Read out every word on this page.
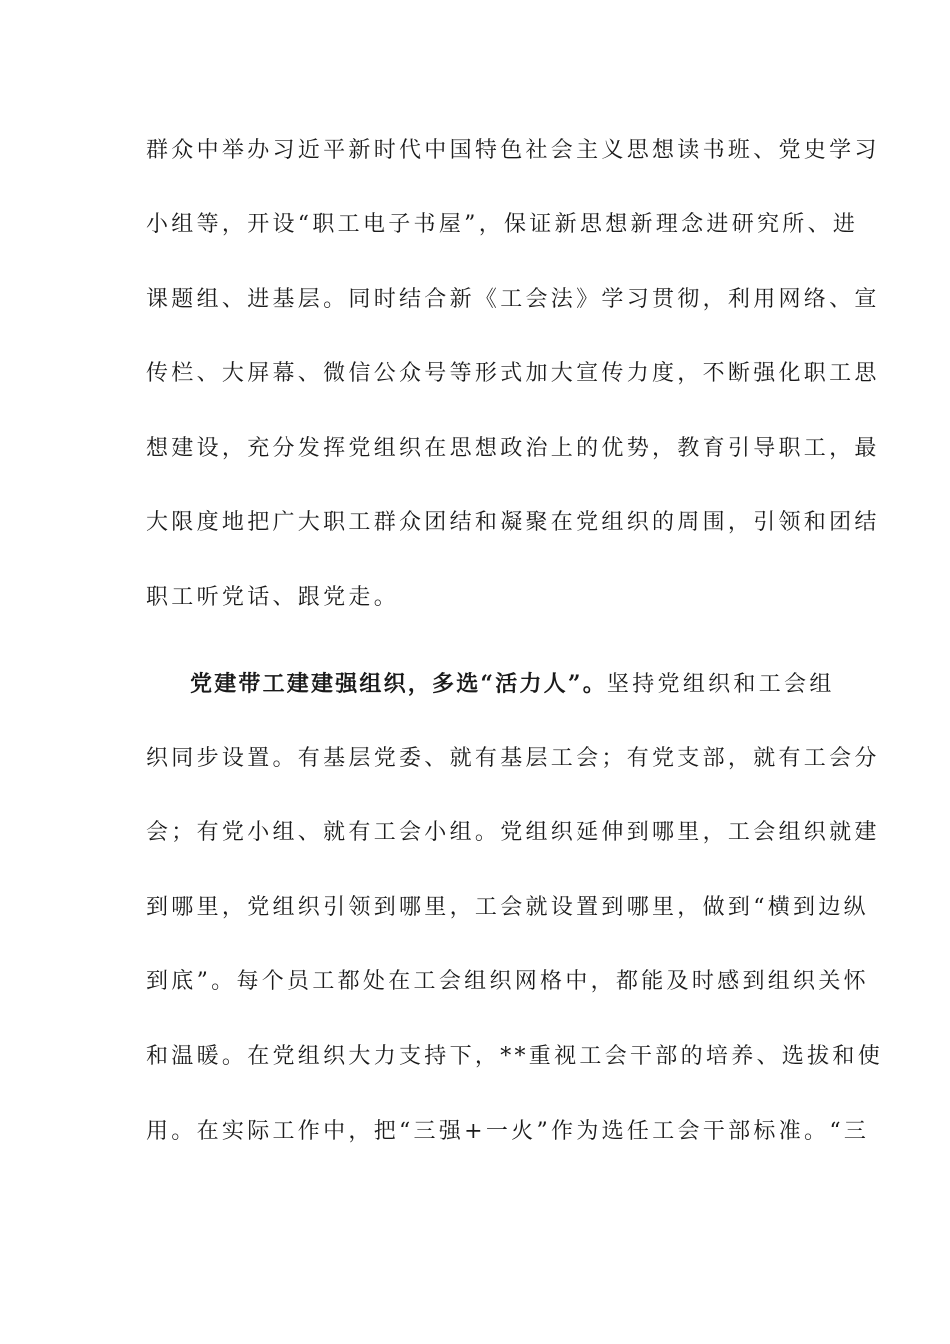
群众中举办习近平新时代中国特色社会主义思想读书班、党史学习
小组等，开设“职工电子书屋”，保证新思想新理念进研究所、进
课题组、进基层。同时结合新《工会法》学习贯彻，利用网络、宣
传栏、大屏幕、微信公众号等形式加大宣传力度，不断强化职工思
想建设，充分发挥党组织在思想政治上的优势，教育引导职工，最
大限度地把广大职工群众团结和凝聚在党组织的周围，引领和团结
职工听党话、跟党走。
党建带工建建强组织，多选“活力人”。坚持党组织和工会组
织同步设置。有基层党委、就有基层工会；有党支部，就有工会分
会；有党小组、就有工会小组。党组织延伸到哪里，工会组织就建
到哪里，党组织引领到哪里，工会就设置到哪里，做到“横到边纵
到底”。每个员工都处在工会组织网格中，都能及时感到组织关怀
和温暖。在党组织大力支持下，**重视工会干部的培养、选拔和使
用。在实际工作中，把“三强+一火”作为选任工会干部标准。“三
